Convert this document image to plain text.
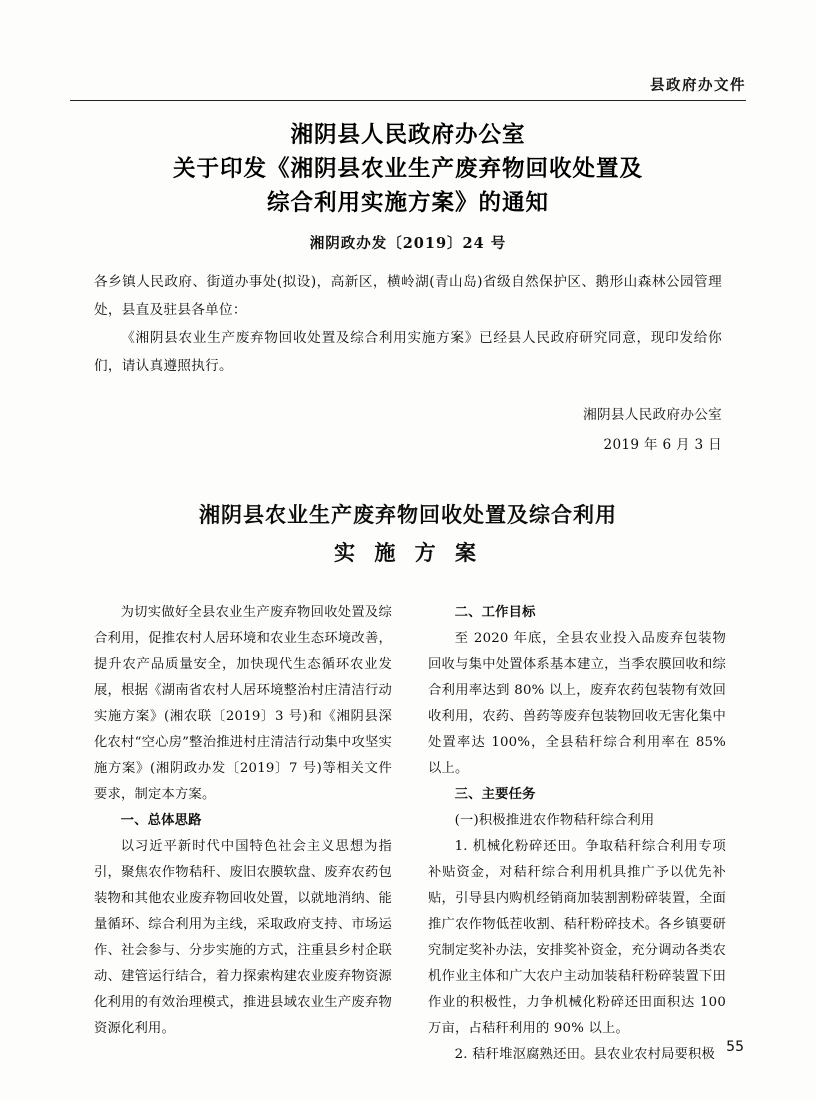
县政府办文件
湘阴县人民政府办公室
关于印发《湘阴县农业生产废弃物回收处置及
综合利用实施方案》的通知
湘阴政办发〔2019〕24 号

各乡镇人民政府、街道办事处(拟设)，高新区，横岭湖(青山岛)省级自然保护区、鹅形山森林公园管理处，县直及驻县各单位：

《湘阴县农业生产废弃物回收处置及综合利用实施方案》已经县人民政府研究同意，现印发给你们，请认真遵照执行。

湘阴县人民政府办公室
2019 年 6 月 3 日
湘阴县农业生产废弃物回收处置及综合利用
实 施 方 案

为切实做好全县农业生产废弃物回收处置及综合利用，促推农村人居环境和农业生态环境改善，提升农产品质量安全，加快现代生态循环农业发展，根据《湖南省农村人居环境整治村庄清洁行动实施方案》(湘农联〔2019〕3 号)和《湘阴县深化农村“空心房”整治推进村庄清洁行动集中攻坚实施方案》(湘阴政办发〔2019〕7 号)等相关文件要求，制定本方案。

一、总体思路

以习近平新时代中国特色社会主义思想为指引，聚焦农作物秸秆、废旧农膜软盘、废弃农药包装物和其他农业废弃物回收处置，以就地消纳、能量循环、综合利用为主线，采取政府支持、市场运作、社会参与、分步实施的方式，注重县乡村企联动、建管运行结合，着力探索构建农业废弃物资源化利用的有效治理模式，推进县域农业生产废弃物资源化利用。

二、工作目标

至 2020 年底，全县农业投入品废弃包装物回收与集中处置体系基本建立，当季农膜回收和综合利用率达到 80% 以上，废弃农药包装物有效回收利用，农药、兽药等废弃包装物回收无害化集中处置率达 100%，全县秸秆综合利用率在 85% 以上。

三、主要任务

(一)积极推进农作物秸秆综合利用

1. 机械化粉碎还田。争取秸秆综合利用专项补贴资金，对秸秆综合利用机具推广予以优先补贴，引导县内购机经销商加装割割粉碎装置，全面推广农作物低茬收割、秸秆粉碎技术。各乡镇要研究制定奖补办法，安排奖补资金，充分调动各类农机作业主体和广大农户主动加装秸秆粉碎装置下田作业的积极性，力争机械化粉碎还田面积达 100 万亩，占秸秆利用的 90% 以上。

2. 秸秆堆沤腐熟还田。县农业农村局要积极 55
